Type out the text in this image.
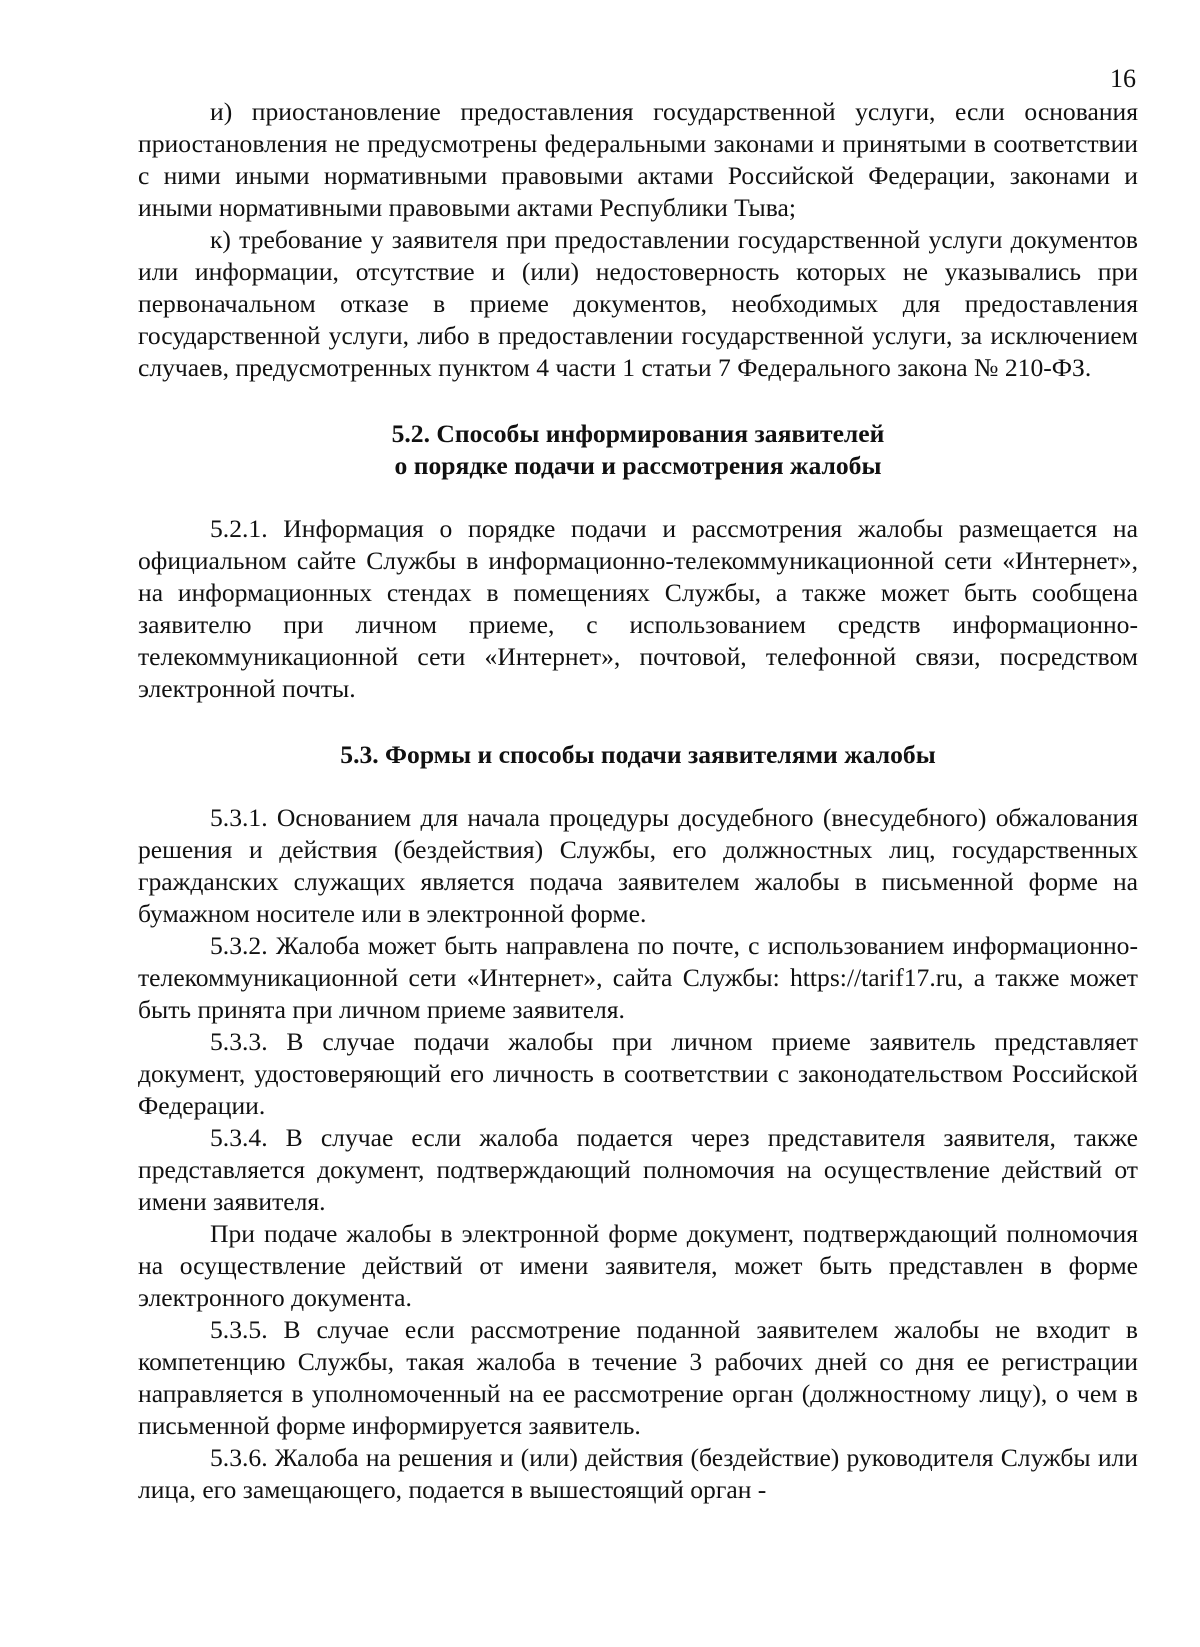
16

и) приостановление предоставления государственной услуги, если основания приостановления не предусмотрены федеральными законами и принятыми в соответствии с ними иными нормативными правовыми актами Российской Федерации, законами и иными нормативными правовыми актами Республики Тыва;

к) требование у заявителя при предоставлении государственной услуги документов или информации, отсутствие и (или) недостоверность которых не указывались при первоначальном отказе в приеме документов, необходимых для предоставления государственной услуги, либо в предоставлении государственной услуги, за исключением случаев, предусмотренных пунктом 4 части 1 статьи 7 Федерального закона № 210-ФЗ.

5.2. Способы информирования заявителей
о порядке подачи и рассмотрения жалобы

5.2.1. Информация о порядке подачи и рассмотрения жалобы размещается на официальном сайте Службы в информационно-телекоммуникационной сети «Интернет», на информационных стендах в помещениях Службы, а также может быть сообщена заявителю при личном приеме, с использованием средств информационно-телекоммуникационной сети «Интернет», почтовой, телефонной связи, посредством электронной почты.

5.3. Формы и способы подачи заявителями жалобы

5.3.1. Основанием для начала процедуры досудебного (внесудебного) обжалования решения и действия (бездействия) Службы, его должностных лиц, государственных гражданских служащих является подача заявителем жалобы в письменной форме на бумажном носителе или в электронной форме.

5.3.2. Жалоба может быть направлена по почте, с использованием информационно-телекоммуникационной сети «Интернет», сайта Службы: https://tarif17.ru, а также может быть принята при личном приеме заявителя.

5.3.3. В случае подачи жалобы при личном приеме заявитель представляет документ, удостоверяющий его личность в соответствии с законодательством Российской Федерации.

5.3.4. В случае если жалоба подается через представителя заявителя, также представляется документ, подтверждающий полномочия на осуществление действий от имени заявителя.

При подаче жалобы в электронной форме документ, подтверждающий полномочия на осуществление действий от имени заявителя, может быть представлен в форме электронного документа.

5.3.5. В случае если рассмотрение поданной заявителем жалобы не входит в компетенцию Службы, такая жалоба в течение 3 рабочих дней со дня ее регистрации направляется в уполномоченный на ее рассмотрение орган (должностному лицу), о чем в письменной форме информируется заявитель.

5.3.6. Жалоба на решения и (или) действия (бездействие) руководителя Службы или лица, его замещающего, подается в вышестоящий орган -
